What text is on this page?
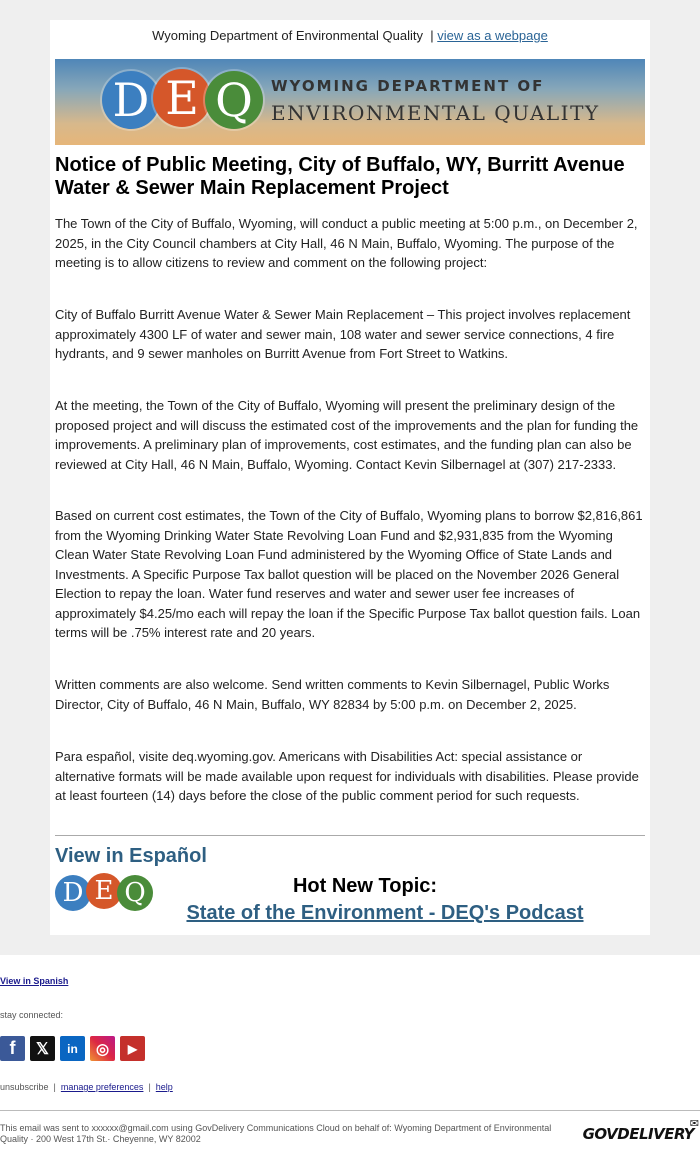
Wyoming Department of Environmental Quality | view as a webpage
D E Q	WYOMING DEPARTMENT OF
ENVIRONMENTAL QUALITY
Notice of Public Meeting, City of Buffalo, WY, Burritt Avenue Water & Sewer Main Replacement Project

The Town of the City of Buffalo, Wyoming, will conduct a public meeting at 5:00 p.m., on December 2, 2025, in the City Council chambers at City Hall, 46 N Main, Buffalo, Wyoming. The purpose of the meeting is to allow citizens to review and comment on the following project:

City of Buffalo Burritt Avenue Water & Sewer Main Replacement – This project involves replacement approximately 4300 LF of water and sewer main, 108 water and sewer service connections, 4 fire hydrants, and 9 sewer manholes on Burritt Avenue from Fort Street to Watkins.

At the meeting, the Town of the City of Buffalo, Wyoming will present the preliminary design of the proposed project and will discuss the estimated cost of the improvements and the plan for funding the improvements. A preliminary plan of improvements, cost estimates, and the funding plan can also be reviewed at City Hall, 46 N Main, Buffalo, Wyoming. Contact Kevin Silbernagel at (307) 217-2333.

Based on current cost estimates, the Town of the City of Buffalo, Wyoming plans to borrow $2,816,861 from the Wyoming Drinking Water State Revolving Loan Fund and $2,931,835 from the Wyoming Clean Water State Revolving Loan Fund administered by the Wyoming Office of State Lands and Investments. A Specific Purpose Tax ballot question will be placed on the November 2026 General Election to repay the loan. Water fund reserves and water and sewer user fee increases of approximately $4.25/mo each will repay the loan if the Specific Purpose Tax ballot question fails. Loan terms will be .75% interest rate and 20 years.

Written comments are also welcome. Send written comments to Kevin Silbernagel, Public Works Director, City of Buffalo, 46 N Main, Buffalo, WY 82834 by 5:00 p.m. on December 2, 2025.

Para español, visite deq.wyoming.gov. Americans with Disabilities Act: special assistance or alternative formats will be made available upon request for individuals with disabilities. Please provide at least fourteen (14) days before the close of the public comment period for such requests.

View in Español
D E Q	Hot New Topic:
State of the Environment - DEQ's Podcast
View in Spanish
stay connected:
f	𝕏	in	◎	▶
unsubscribe | manage preferences | help
This email was sent to xxxxxx@gmail.com using GovDelivery Communications Cloud on behalf of: Wyoming Department of Environmental Quality · 200 West 17th St.· Cheyenne, WY 82002
✉
GOVDELIVERY
